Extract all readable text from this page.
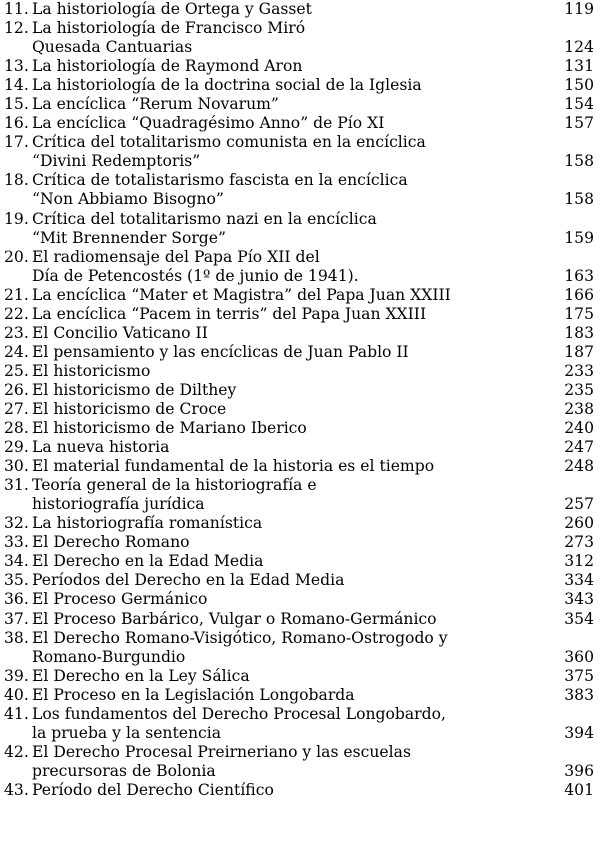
11. La historiología de Ortega y Gasset	119
12. La historiología de Francisco Miró
Quesada Cantuarias	124
13. La historiología de Raymond Aron	131
14. La historiología de la doctrina social de la Iglesia	150
15. La encíclica “Rerum Novarum”	154
16. La encíclica “Quadragésimo Anno” de Pío XI	157
17. Crítica del totalitarismo comunista en la encíclica
“Divini Redemptoris”	158
18. Crítica de totalistarismo fascista en la encíclica
“Non Abbiamo Bisogno”	158
19. Crítica del totalitarismo nazi en la encíclica
“Mit Brennender Sorge”	159
20. El radiomensaje del Papa Pío XII del
Día de Petencostés (1º de junio de 1941).	163
21. La encíclica “Mater et Magistra” del Papa Juan XXIII	166
22. La encíclica “Pacem in terris” del Papa Juan XXIII	175
23. El Concilio Vaticano II	183
24. El pensamiento y las encíclicas de Juan Pablo II	187
25. El historicismo	233
26. El historicismo de Dilthey	235
27. El historicismo de Croce	238
28. El historicismo de Mariano Iberico	240
29. La nueva historia	247
30. El material fundamental de la historia es el tiempo	248
31. Teoría general de la historiografía e
historiografía jurídica	257
32. La historiografía romanística	260
33. El Derecho Romano	273
34. El Derecho en la Edad Media	312
35. Períodos del Derecho en la Edad Media	334
36. El Proceso Germánico	343
37. El Proceso Barbárico, Vulgar o Romano-Germánico	354
38. El Derecho Romano-Visigótico, Romano-Ostrogodo y
Romano-Burgundio	360
39. El Derecho en la Ley Sálica	375
40. El Proceso en la Legislación Longobarda	383
41. Los fundamentos del Derecho Procesal Longobardo,
la prueba y la sentencia	394
42. El Derecho Procesal Preirneriano y las escuelas
precursoras de Bolonia	396
43. Período del Derecho Científico	401
